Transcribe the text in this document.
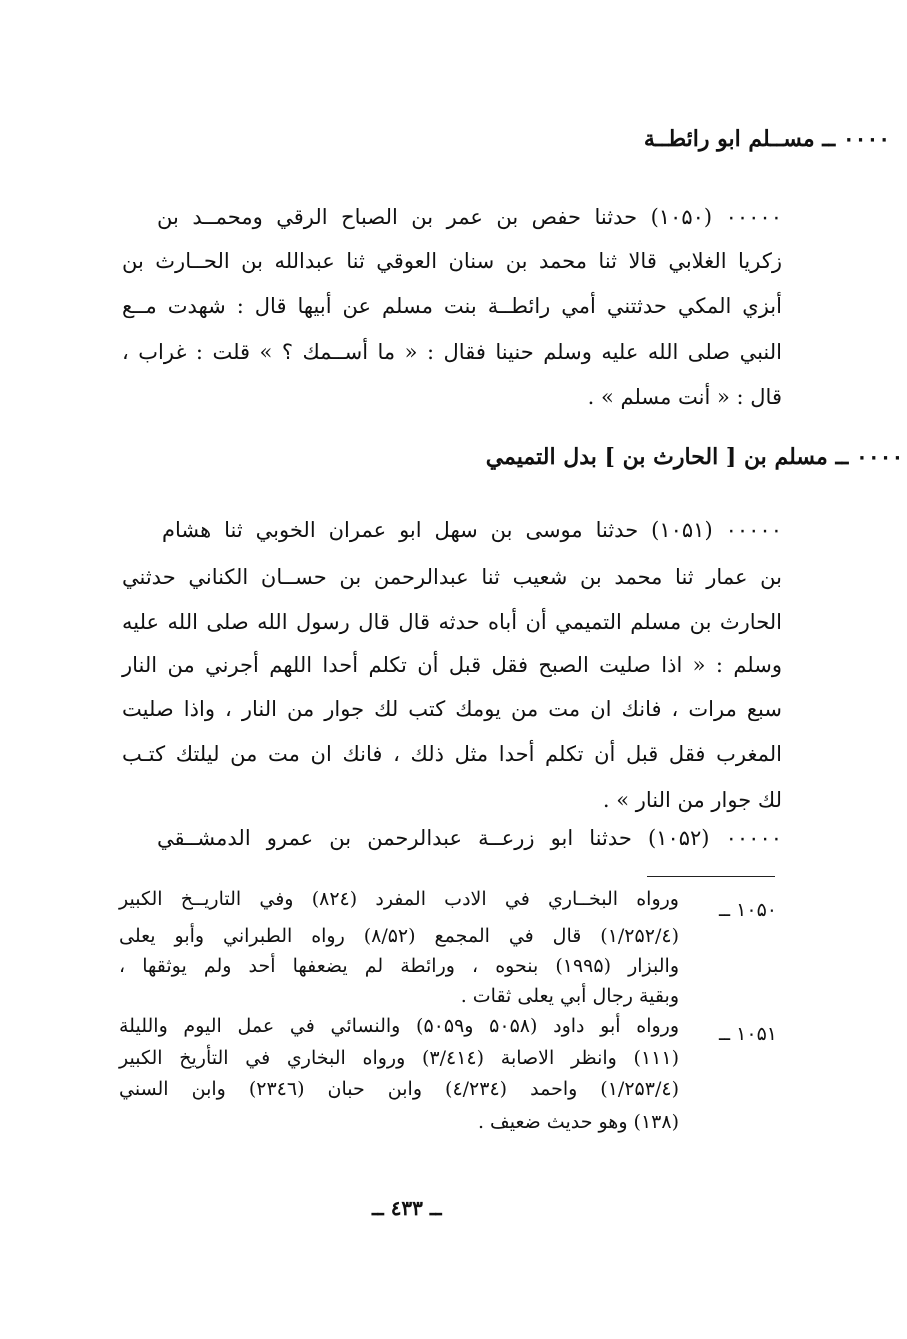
۰۰۰۰ ــ مســلم ابو رائطــة
۰۰۰۰۰ (۱۰۵۰) حدثنا حفص بن عمر بن الصباح الرقي ومحمــد بن
زكريا الغلابي قالا ثنا محمد بن سنان العوقي ثنا عبدالله بن الحــارث بن
أبزي المكي حدثتني أمي رائطــة بنت مسلم عن أبيها قال : شهدت مــع
النبي صلى الله عليه وسلم حنينا فقال : « ما أســمك ؟ » قلت : غراب ،
قال : « أنت مسلم » .
۰۰۰۰ ــ مسلم بن [ الحارث بن ] بدل التميمي
۰۰۰۰۰ (۱۰۵۱) حدثنا موسى بن سهل ابو عمران الخوبي ثنا هشام
بن عمار ثنا محمد بن شعيب ثنا عبدالرحمن بن حســان الكناني حدثني
الحارث بن مسلم التميمي أن أباه حدثه قال قال رسول الله صلى الله عليه
وسلم : « اذا صليت الصبح فقل قبل أن تكلم أحدا اللهم أجرني من النار
سبع مرات ، فانك ان مت من يومك كتب لك جوار من النار ، واذا صليت
المغرب فقل قبل أن تكلم أحدا مثل ذلك ، فانك ان مت من ليلتك كتـب
لك جوار من النار » .
۰۰۰۰۰ (۱۰۵۲) حدثنا ابو زرعــة عبدالرحمن بن عمرو الدمشــقي
۱۰۵۰ ــ
ورواه البخــاري في الادب المفرد (۸۲٤) وفي التاريــخ الكبير
(٤/۱/۲۵۲) قال في المجمع (۸/۵۲) رواه الطبراني وأبو يعلى
والبزار (۱۹۹۵) بنحوه ، ورائطة لم يضعفها أحد ولم يوثقها ،
وبقية رجال أبي يعلى ثقات .
۱۰۵۱ ــ
ورواه أبو داود (۵۰۵۸ و۵۰۵۹) والنسائي في عمل اليوم والليلة
(۱۱۱) وانظر الاصابة (۳/٤۱٤) ورواه البخاري في التأريخ الكبير
(٤/۱/۲۵۳) واحمد (٤/۲۳٤) وابن حبان (۲۳٤٦) وابن السني
(۱۳۸) وهو حديث ضعيف .
ــ ٤۳۳ ــ
